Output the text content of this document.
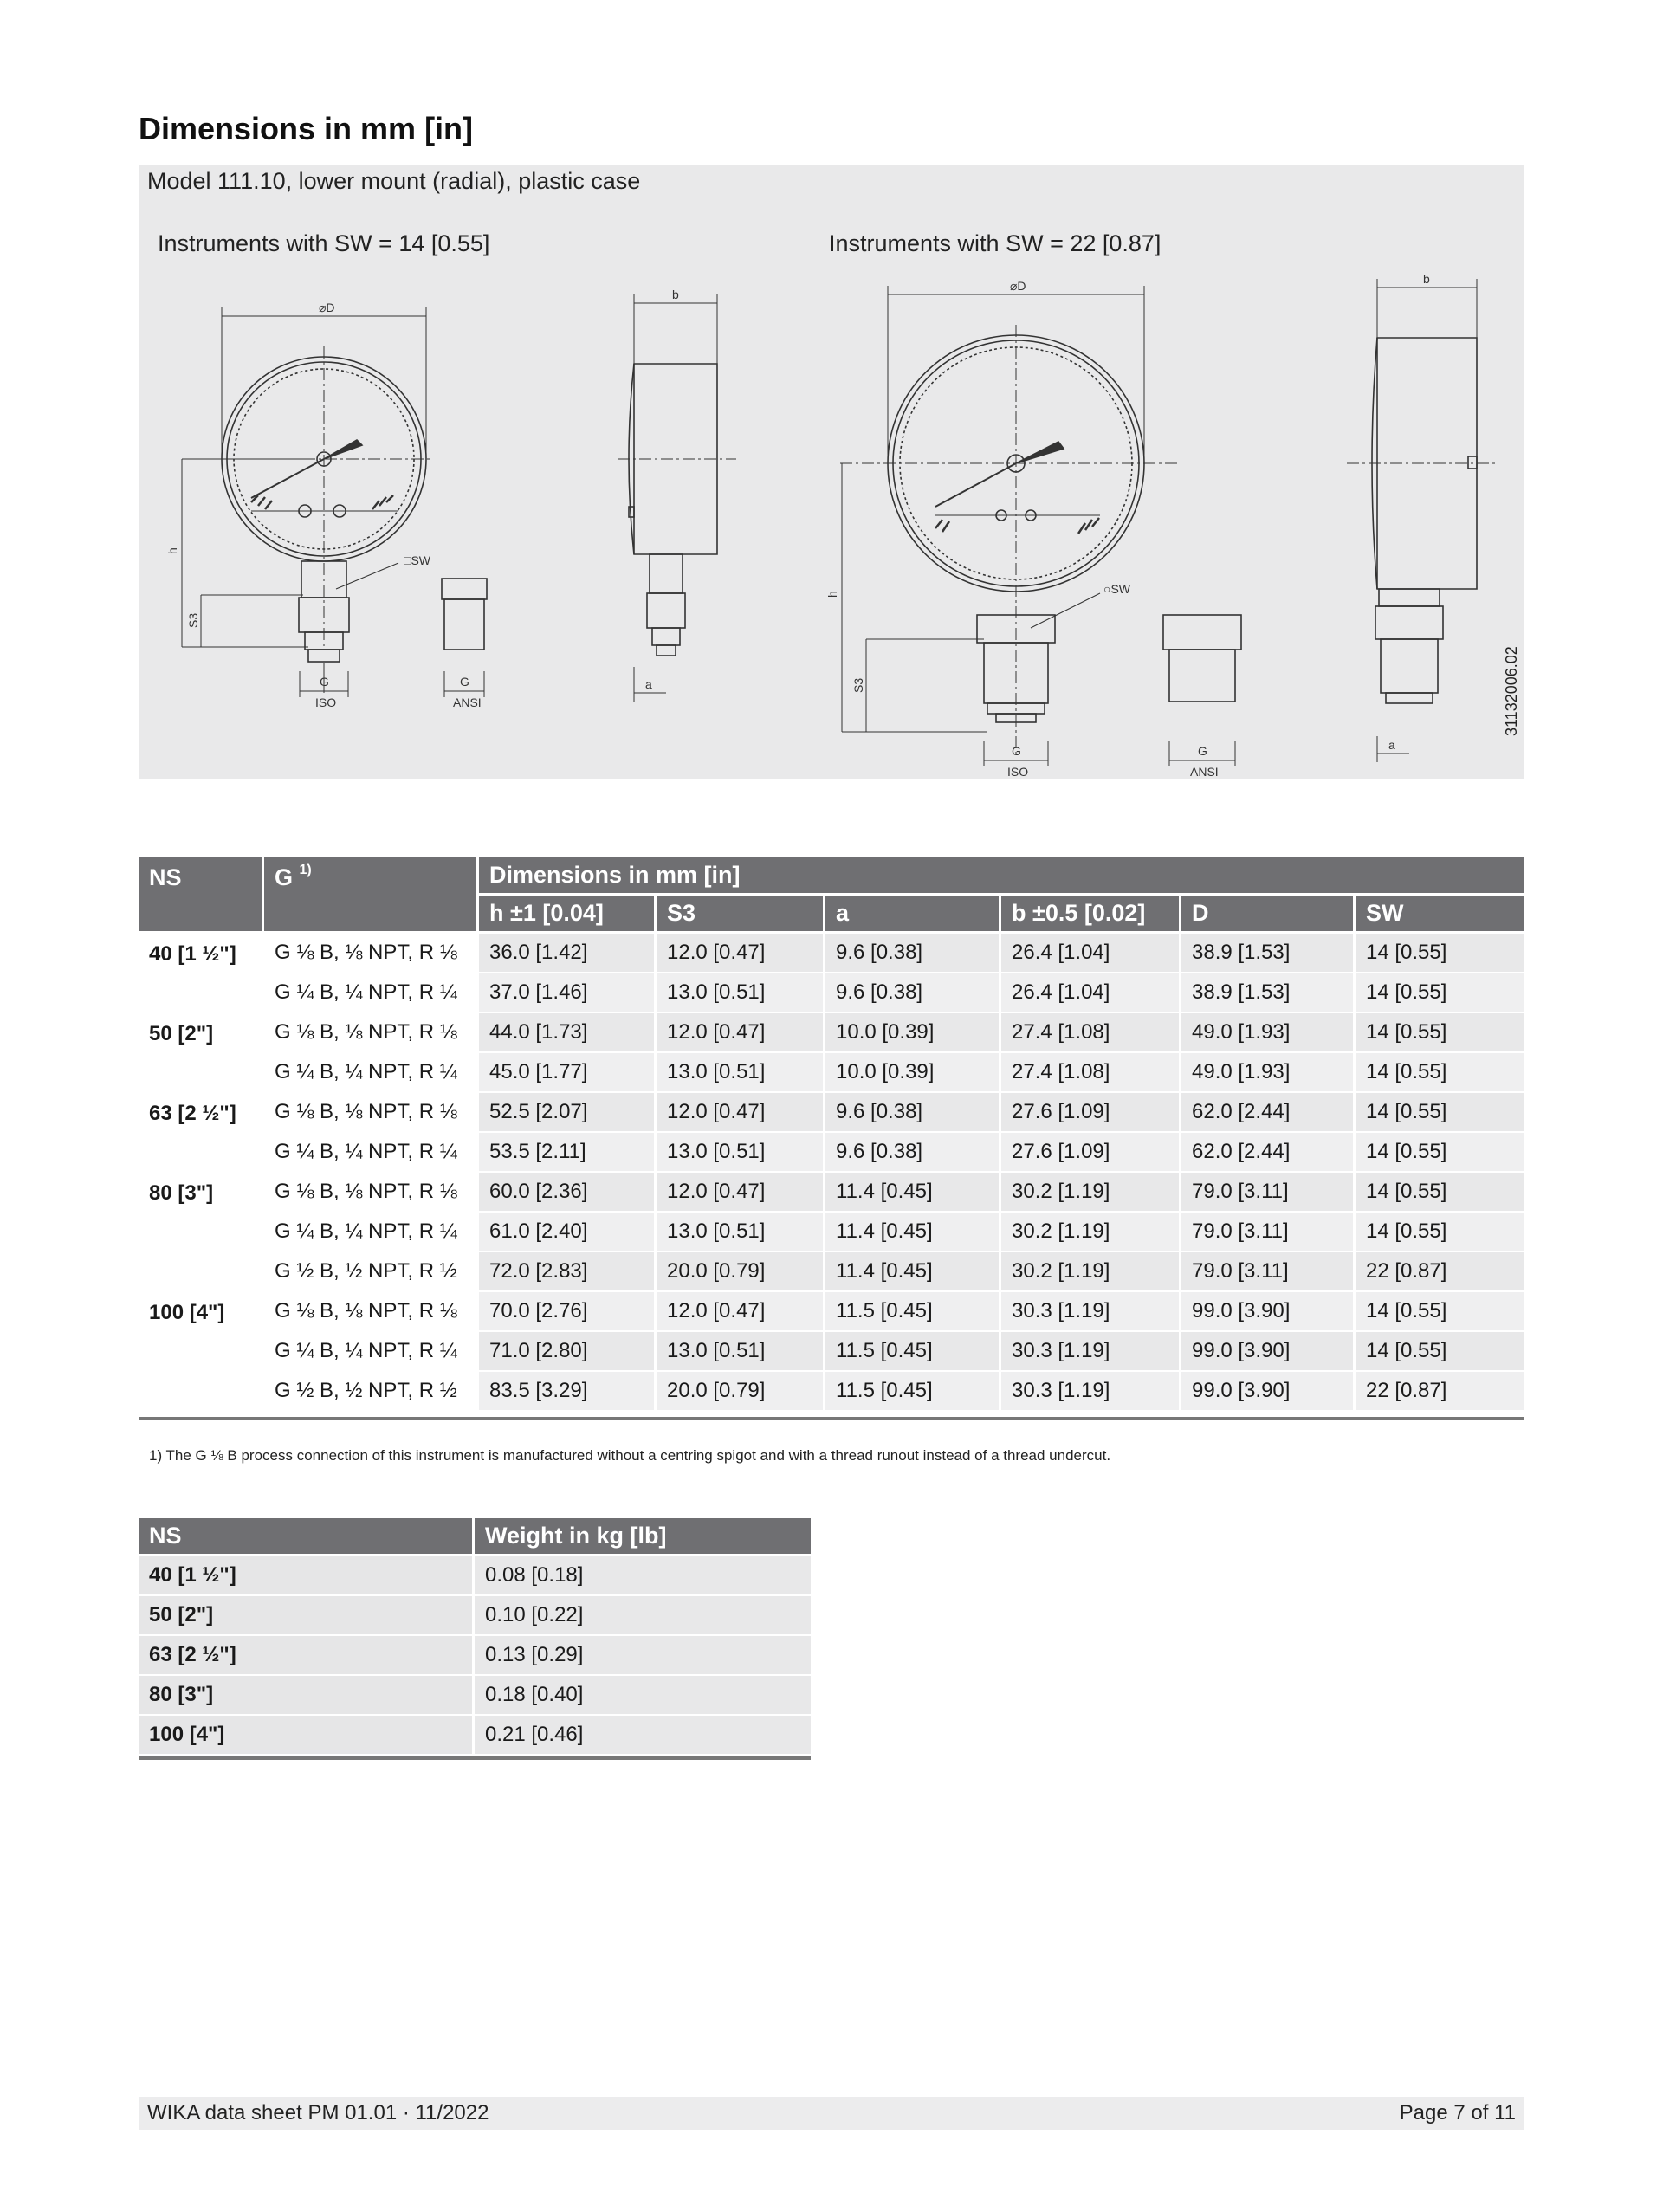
Dimensions in mm [in]
Model 111.10, lower mount (radial), plastic case
Instruments with SW = 14 [0.55]	Instruments with SW = 22 [0.87]
⌀D
b
h
S3
□SW
a
G
ISO
G
ANSI
⌀D	b
h
S3
○SW
a
G
ISO
G
ANSI
31132006.02
NS	G $^{1)}$	Dimensions in mm [in]					
		h ±1 [0.04]	S3	a	b ±0.5 [0.02]	D	SW
40 [1 ½"]	G ⅛ B, ⅛ NPT, R ⅛	36.0 [1.42]	12.0 [0.47]	9.6 [0.38]	26.4 [1.04]	38.9 [1.53]	14 [0.55]
	G ¼ B, ¼ NPT, R ¼	37.0 [1.46]	13.0 [0.51]	9.6 [0.38]	26.4 [1.04]	38.9 [1.53]	14 [0.55]
50 [2"]	G ⅛ B, ⅛ NPT, R ⅛	44.0 [1.73]	12.0 [0.47]	10.0 [0.39]	27.4 [1.08]	49.0 [1.93]	14 [0.55]
	G ¼ B, ¼ NPT, R ¼	45.0 [1.77]	13.0 [0.51]	10.0 [0.39]	27.4 [1.08]	49.0 [1.93]	14 [0.55]
63 [2 ½"]	G ⅛ B, ⅛ NPT, R ⅛	52.5 [2.07]	12.0 [0.47]	9.6 [0.38]	27.6 [1.09]	62.0 [2.44]	14 [0.55]
	G ¼ B, ¼ NPT, R ¼	53.5 [2.11]	13.0 [0.51]	9.6 [0.38]	27.6 [1.09]	62.0 [2.44]	14 [0.55]
80 [3"]	G ⅛ B, ⅛ NPT, R ⅛	60.0 [2.36]	12.0 [0.47]	11.4 [0.45]	30.2 [1.19]	79.0 [3.11]	14 [0.55]
	G ¼ B, ¼ NPT, R ¼	61.0 [2.40]	13.0 [0.51]	11.4 [0.45]	30.2 [1.19]	79.0 [3.11]	14 [0.55]
	G ½ B, ½ NPT, R ½	72.0 [2.83]	20.0 [0.79]	11.4 [0.45]	30.2 [1.19]	79.0 [3.11]	22 [0.87]
100 [4"]	G ⅛ B, ⅛ NPT, R ⅛	70.0 [2.76]	12.0 [0.47]	11.5 [0.45]	30.3 [1.19]	99.0 [3.90]	14 [0.55]
	G ¼ B, ¼ NPT, R ¼	71.0 [2.80]	13.0 [0.51]	11.5 [0.45]	30.3 [1.19]	99.0 [3.90]	14 [0.55]
	G ½ B, ½ NPT, R ½	83.5 [3.29]	20.0 [0.79]	11.5 [0.45]	30.3 [1.19]	99.0 [3.90]	22 [0.87]
1) The G ⅛ B process connection of this instrument is manufactured without a centring spigot and with a thread runout instead of a thread undercut.
NS	Weight in kg [lb]
40 [1 ½"]	0.08 [0.18]
50 [2"]	0.10 [0.22]
63 [2 ½"]	0.13 [0.29]
80 [3"]	0.18 [0.40]
100 [4"]	0.21 [0.46]
WIKA data sheet PM 01.01 · 11/2022	Page 7 of 11
